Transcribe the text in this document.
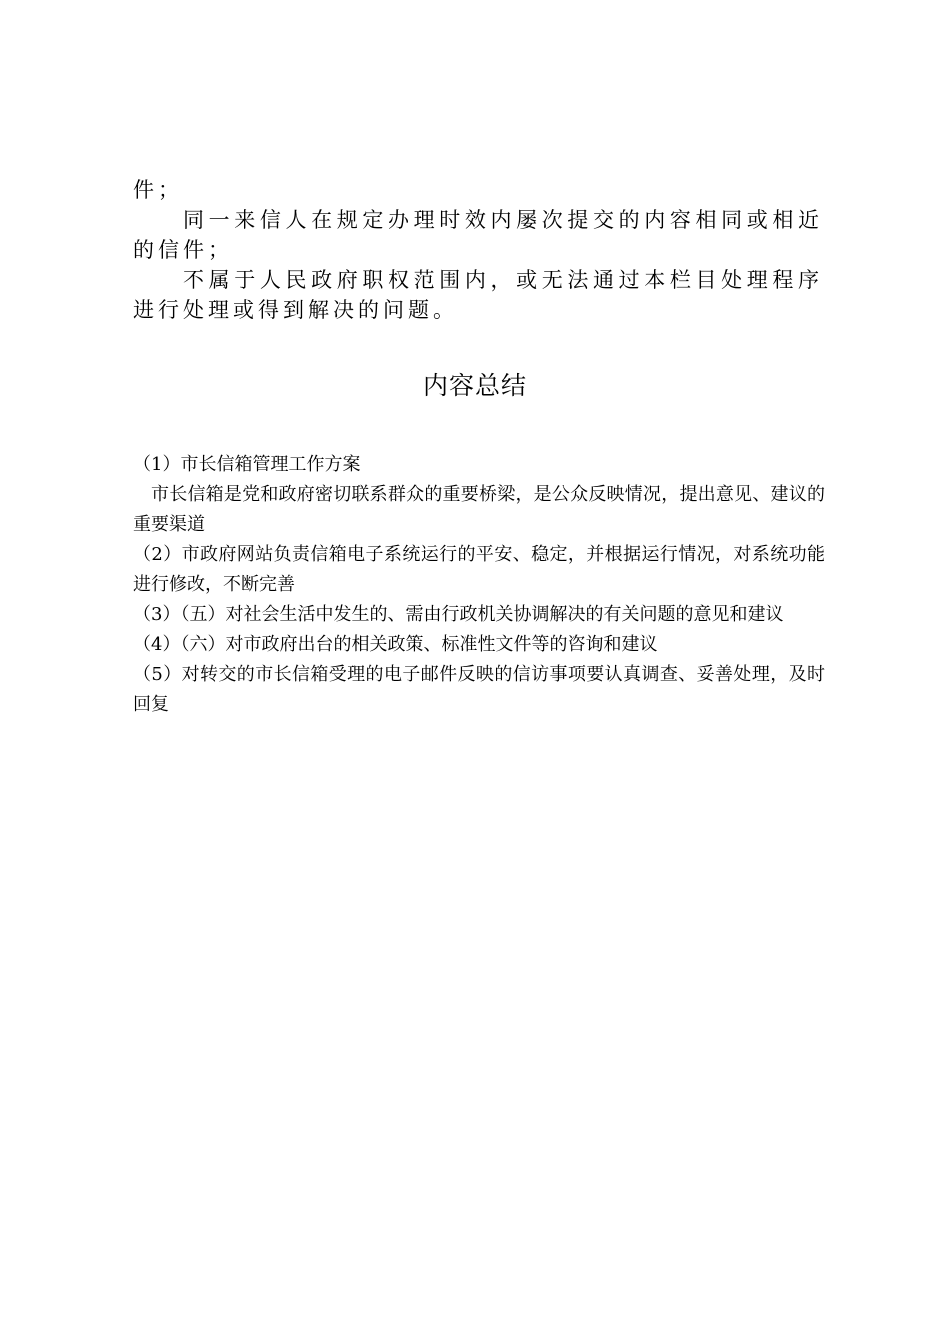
件；

同一来信人在规定办理时效内屡次提交的内容相同或相近的信件；

不属于人民政府职权范围内，或无法通过本栏目处理程序进行处理或得到解决的问题。

内容总结

（1）市长信箱管理工作方案

市长信箱是党和政府密切联系群众的重要桥梁，是公众反映情况，提出意见、建议的重要渠道

（2）市政府网站负责信箱电子系统运行的平安、稳定，并根据运行情况，对系统功能进行修改，不断完善

（3）（五）对社会生活中发生的、需由行政机关协调解决的有关问题的意见和建议

（4）（六）对市政府出台的相关政策、标准性文件等的咨询和建议

（5）对转交的市长信箱受理的电子邮件反映的信访事项要认真调查、妥善处理，及时回复
